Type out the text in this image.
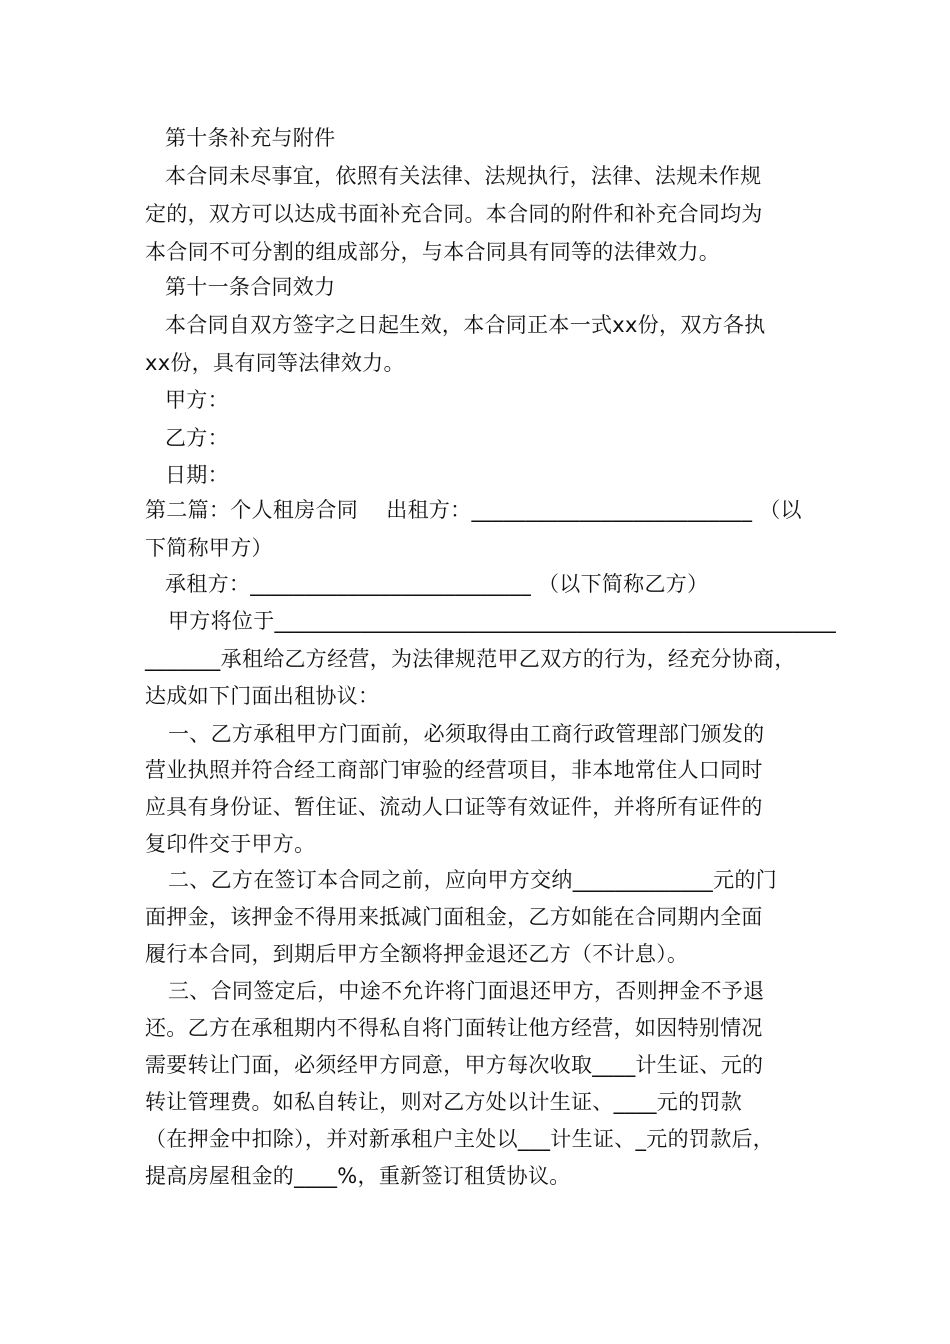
第十条补充与附件
本合同未尽事宜，依照有关法律、法规执行，法律、法规未作规
定的，双方可以达成书面补充合同。本合同的附件和补充合同均为
本合同不可分割的组成部分，与本合同具有同等的法律效力。
第十一条合同效力
本合同自双方签字之日起生效，本合同正本一式xx份，双方各执
xx份，具有同等法律效力。
甲方：
乙方：
日期：
第二篇：个人租房合同　 出租方：__________________________ （以
下简称甲方）
承租方：__________________________ （以下简称乙方）
甲方将位于____________________________________________________
_______承租给乙方经营，为法律规范甲乙双方的行为，经充分协商，
达成如下门面出租协议：
一、乙方承租甲方门面前，必须取得由工商行政管理部门颁发的
营业执照并符合经工商部门审验的经营项目，非本地常住人口同时
应具有身份证、暂住证、流动人口证等有效证件，并将所有证件的
复印件交于甲方。
二、乙方在签订本合同之前，应向甲方交纳_____________元的门
面押金，该押金不得用来抵减门面租金，乙方如能在合同期内全面
履行本合同，到期后甲方全额将押金退还乙方（不计息）。
三、合同签定后，中途不允许将门面退还甲方，否则押金不予退
还。乙方在承租期内不得私自将门面转让他方经营，如因特别情况
需要转让门面，必须经甲方同意，甲方每次收取____计生证、元的
转让管理费。如私自转让，则对乙方处以计生证、____元的罚款
（在押金中扣除），并对新承租户主处以___计生证、_元的罚款后，
提高房屋租金的____%，重新签订租赁协议。
